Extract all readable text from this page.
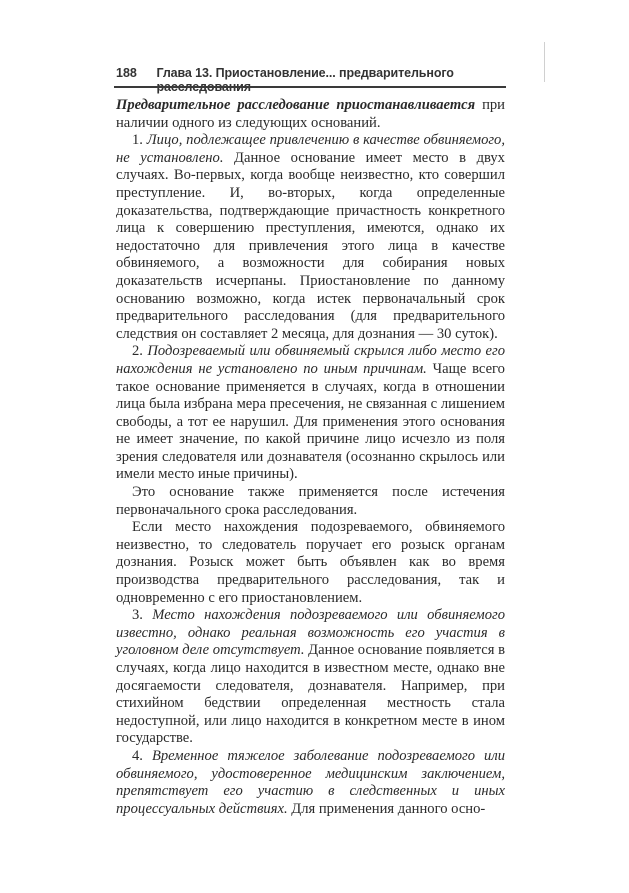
188	Глава 13. Приостановление... предварительного

Предварительное расследование приостанавливается при наличии одного из следующих оснований.

1. Лицо, подлежащее привлечению в качестве обвиняемого, не установлено. Данное основание имеет место в двух случаях. Во-первых, когда вообще неизвестно, кто совершил преступление. И, во-вторых, когда определенные доказательства, подтверждающие причастность конкретного лица к совершению преступления, имеются, однако их недостаточно для привлечения этого лица в качестве обвиняемого, а возможности для собирания новых доказательств исчерпаны. Приостановление по данному основанию возможно, когда истек первоначальный срок предварительного расследования (для предварительного следствия он составляет 2 месяца, для дознания — 30 суток).

2. Подозреваемый или обвиняемый скрылся либо место его нахождения не установлено по иным причинам. Чаще всего такое основание применяется в случаях, когда в отношении лица была избрана мера пресечения, не связанная с лишением свободы, а тот ее нарушил. Для применения этого основания не имеет значение, по какой причине лицо исчезло из поля зрения следователя или дознавателя (осознанно скрылось или имели место иные причины).

Это основание также применяется после истечения первоначального срока расследования.

Если место нахождения подозреваемого, обвиняемого неизвестно, то следователь поручает его розыск органам дознания. Розыск может быть объявлен как во время производства предварительного расследования, так и одновременно с его приостановлением.

3. Место нахождения подозреваемого или обвиняемого известно, однако реальная возможность его участия в уголовном деле отсутствует. Данное основание появляется в случаях, когда лицо находится в известном месте, однако вне досягаемости следователя, дознавателя. Например, при стихийном бедствии определенная местность стала недоступной, или лицо находится в конкретном месте в ином государстве.

4. Временное тяжелое заболевание подозреваемого или обвиняемого, удостоверенное медицинским заключением, препятствует его участию в следственных и иных процессуальных действиях. Для применения данного осно-
